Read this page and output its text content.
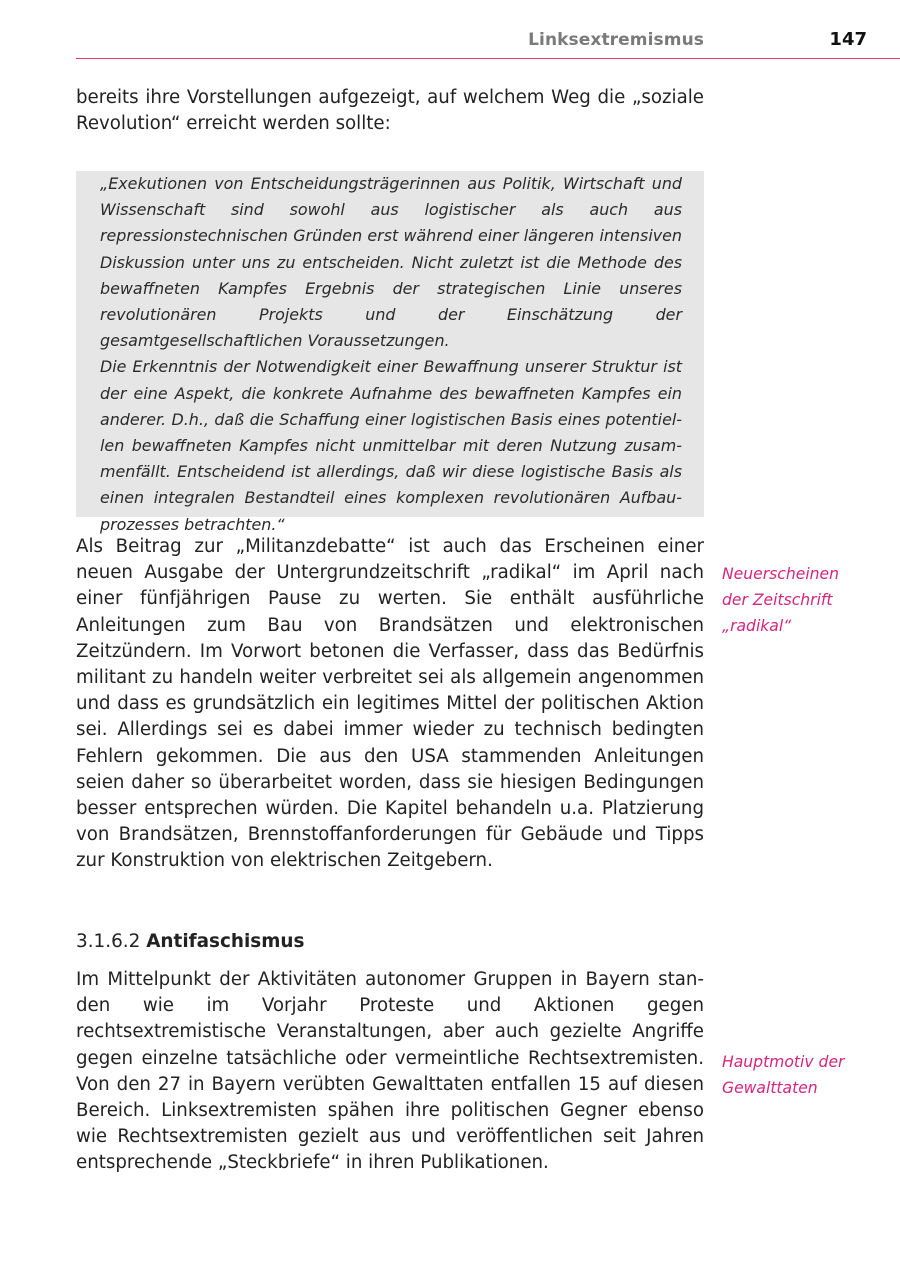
Linksextremismus	147

bereits ihre Vorstellungen aufgezeigt, auf welchem Weg die „soziale Revolution“ erreicht werden sollte:

„Exekutionen von Entscheidungsträgerinnen aus Politik, Wirtschaft und Wissenschaft sind sowohl aus logistischer als auch aus repressionstechnischen Gründen erst während einer längeren intensiven Diskussion unter uns zu entscheiden. Nicht zuletzt ist die Methode des bewaffneten Kampfes Ergebnis der strategischen Linie unseres revolutionären Projekts und der Einschätzung der gesamtgesellschaftlichen Voraussetzungen.

Die Erkenntnis der Notwendigkeit einer Bewaffnung unserer Struktur ist der eine Aspekt, die konkrete Aufnahme des bewaffneten Kampfes ein anderer. D.h., daß die Schaffung einer logistischen Basis eines potentiellen bewaffneten Kampfes nicht unmittelbar mit deren Nutzung zusammenfällt. Entscheidend ist allerdings, daß wir diese logistische Basis als einen integralen Bestandteil eines komplexen revolutionären Aufbauprozesses betrachten.“

Als Beitrag zur „Militanzdebatte“ ist auch das Erscheinen einer neuen Ausgabe der Untergrundzeitschrift „radikal“ im April nach einer fünfjährigen Pause zu werten. Sie enthält ausführliche Anleitungen zum Bau von Brandsätzen und elektronischen Zeitzündern. Im Vorwort betonen die Verfasser, dass das Bedürfnis militant zu handeln weiter verbreitet sei als allgemein angenommen und dass es grundsätzlich ein legitimes Mittel der politischen Aktion sei. Allerdings sei es dabei immer wieder zu technisch bedingten Fehlern gekommen. Die aus den USA stammenden Anleitungen seien daher so überarbeitet worden, dass sie hiesigen Bedingungen besser entsprechen würden. Die Kapitel behandeln u.a. Platzierung von Brandsätzen, Brennstoffanforderungen für Gebäude und Tipps zur Konstruktion von elektrischen Zeitgebern.

Neuerscheinen
der Zeitschrift
„radikal“
3.1.6.2 Antifaschismus

Im Mittelpunkt der Aktivitäten autonomer Gruppen in Bayern standen wie im Vorjahr Proteste und Aktionen gegen rechtsextremistische Veranstaltungen, aber auch gezielte Angriffe gegen einzelne tatsächliche oder vermeintliche Rechtsextremisten. Von den 27 in Bayern verübten Gewalttaten entfallen 15 auf diesen Bereich. Linksextremisten spähen ihre politischen Gegner ebenso wie Rechtsextremisten gezielt aus und veröffentlichen seit Jahren entsprechende „Steckbriefe“ in ihren Publikationen.

Hauptmotiv der
Gewalttaten
